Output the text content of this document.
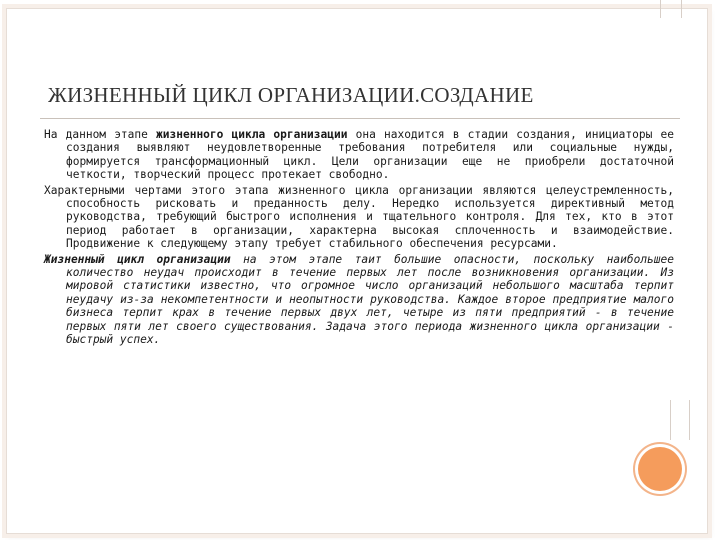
ЖИЗНЕННЫЙ ЦИКЛ ОРГАНИЗАЦИИ.СОЗДАНИЕ

На данном этапе жизненного цикла организации она находится в стадии создания, инициаторы ее создания выявляют неудовлетворенные требования потребителя или социальные нужды, формируется трансформационный цикл. Цели организации еще не приобрели достаточной четкости, творческий процесс протекает свободно.

Характерными чертами этого этапа жизненного цикла организации являются целеустремленность, способность рисковать и преданность делу. Нередко используется директивный метод руководства, требующий быстрого исполнения и тщательного контроля. Для тех, кто в этот период работает в организации, характерна высокая сплоченность и взаимодействие. Продвижение к следующему этапу требует стабильного обеспечения ресурсами.

Жизненный цикл организации на этом этапе таит большие опасности, поскольку наибольшее количество неудач происходит в течение первых лет после возникновения организации. Из мировой статистики известно, что огромное число организаций небольшого масштаба терпит неудачу из-за некомпетентности и неопытности руководства. Каждое второе предприятие малого бизнеса терпит крах в течение первых двух лет, четыре из пяти предприятий - в течение первых пяти лет своего существования. Задача этого периода жизненного цикла организации - быстрый успех.
